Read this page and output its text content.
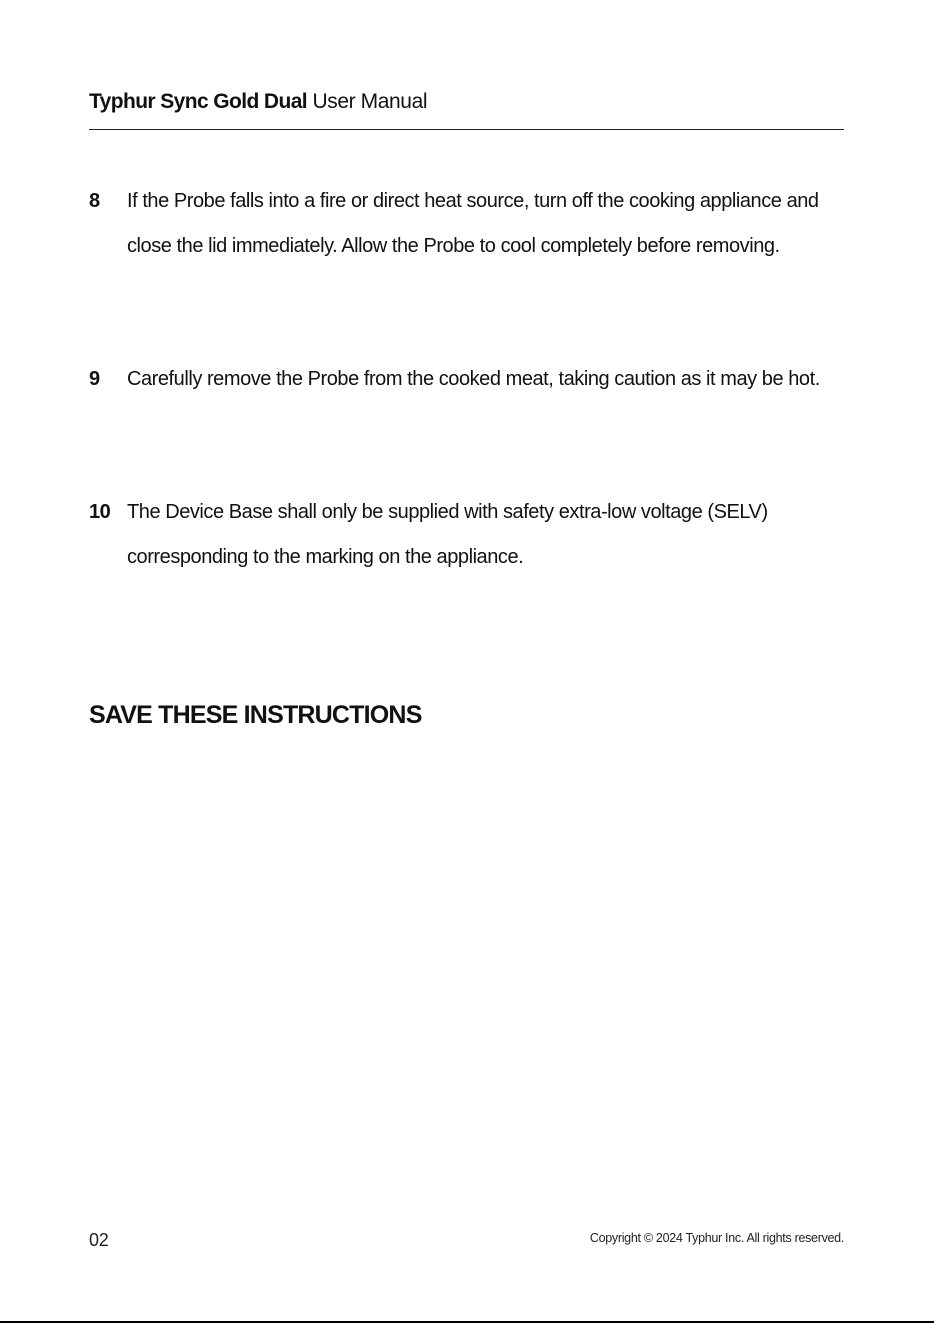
Typhur Sync Gold Dual User Manual
8	If the Probe falls into a fire or direct heat source, turn off the cooking appliance and close the lid immediately. Allow the Probe to cool completely before removing.
9	Carefully remove the Probe from the cooked meat, taking caution as it may be hot.
10 The Device Base shall only be supplied with safety extra-low voltage (SELV) corresponding to the marking on the appliance.
SAVE THESE INSTRUCTIONS
02	Copyright © 2024 Typhur Inc. All rights reserved.
